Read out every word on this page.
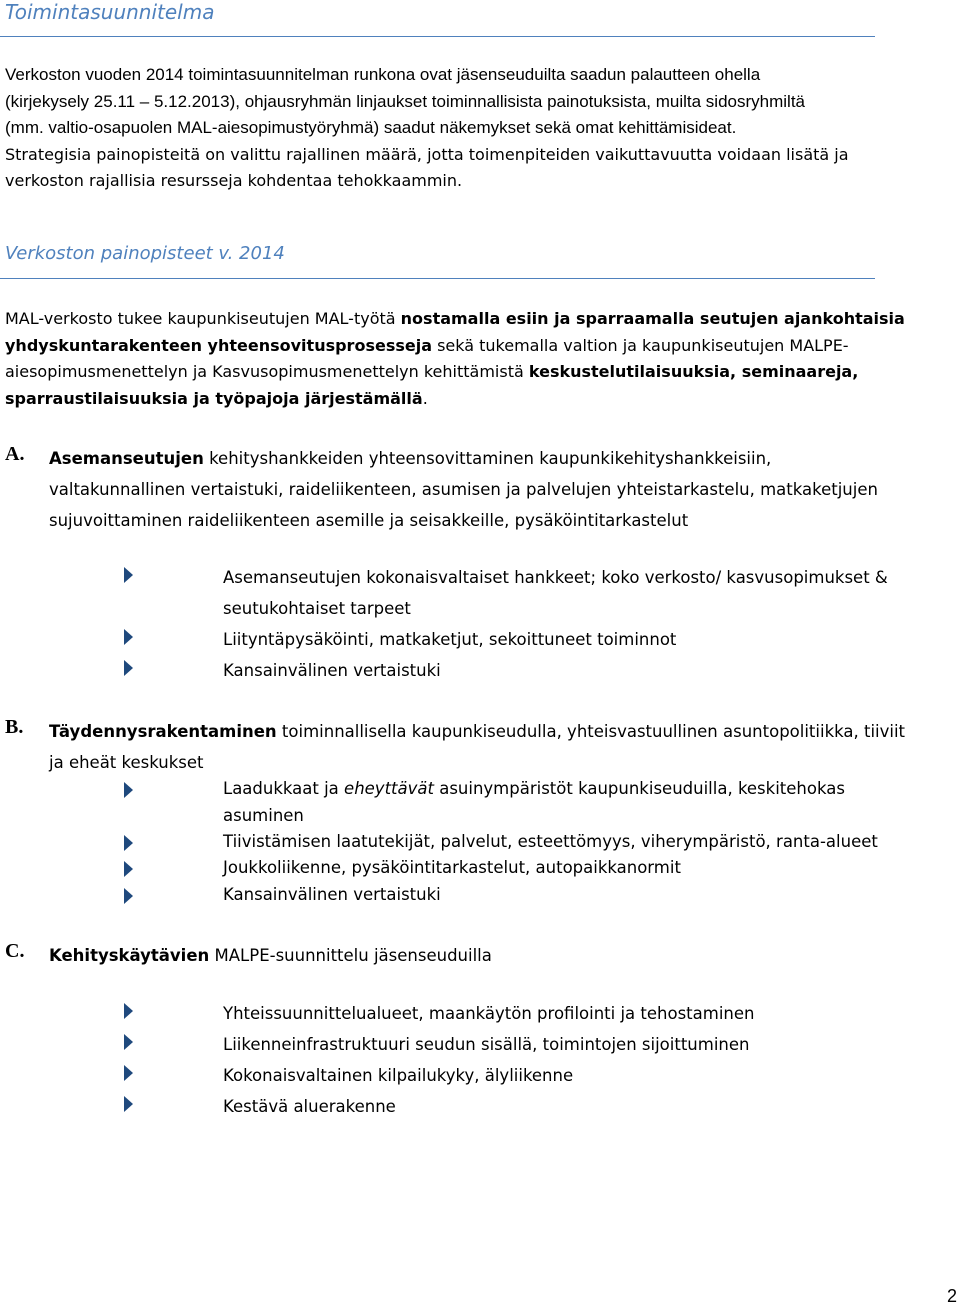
Toimintasuunnitelma
Verkoston vuoden 2014 toimintasuunnitelman runkona ovat jäsenseuduilta saadun palautteen ohella
(kirjekysely 25.11 – 5.12.2013), ohjausryhmän linjaukset toiminnallisista painotuksista, muilta sidosryhmiltä
(mm. valtio-osapuolen MAL-aiesopimustyöryhmä) saadut näkemykset sekä omat kehittämisideat.
Strategisia painopisteitä on valittu rajallinen määrä, jotta toimenpiteiden vaikuttavuutta voidaan lisätä ja
verkoston rajallisia resursseja kohdentaa tehokkaammin.
Verkoston painopisteet v. 2014
MAL-verkosto tukee kaupunkiseutujen MAL-työtä nostamalla esiin ja sparraamalla seutujen ajankohtaisia
yhdyskuntarakenteen yhteensovitusprosesseja sekä tukemalla valtion ja kaupunkiseutujen MALPE-
aiesopimusmenettelyn ja Kasvusopimusmenettelyn kehittämistä keskustelutilaisuuksia, seminaareja,
sparraustilaisuuksia ja työpajoja järjestämällä.
A. Asemanseutujen kehityshankkeiden yhteensovittaminen kaupunkikehityshankkeisiin,
valtakunnallinen vertaistuki, raideliikenteen, asumisen ja palvelujen yhteistarkastelu, matkaketjujen
sujuvoittaminen raideliikenteen asemille ja seisakkeille, pysäköintitarkastelut
Asemanseutujen kokonaisvaltaiset hankkeet; koko verkosto/ kasvusopimukset &
seutukohtaiset tarpeet
Liityntäpysäköinti, matkaketjut, sekoittuneet toiminnot
Kansainvälinen vertaistuki
B. Täydennysrakentaminen toiminnallisella kaupunkiseudulla, yhteisvastuullinen asuntopolitiikka, tiiviit
ja eheät keskukset
Laadukkaat ja eheyttävät asuinympäristöt kaupunkiseuduilla, keskitehokas
asuminen
Tiivistämisen laatutekijät, palvelut, esteettömyys, viherympäristö, ranta-alueet
Joukkoliikenne, pysäköintitarkastelut, autopaikkanormit
Kansainvälinen vertaistuki
C. Kehityskäytävien MALPE-suunnittelu jäsenseuduilla
Yhteissuunnittelualueet, maankäytön profilointi ja tehostaminen
Liikenneinfrastruktuuri seudun sisällä, toimintojen sijoittuminen
Kokonaisvaltainen kilpailukyky, älyliikenne
Kestävä aluerakenne
2
